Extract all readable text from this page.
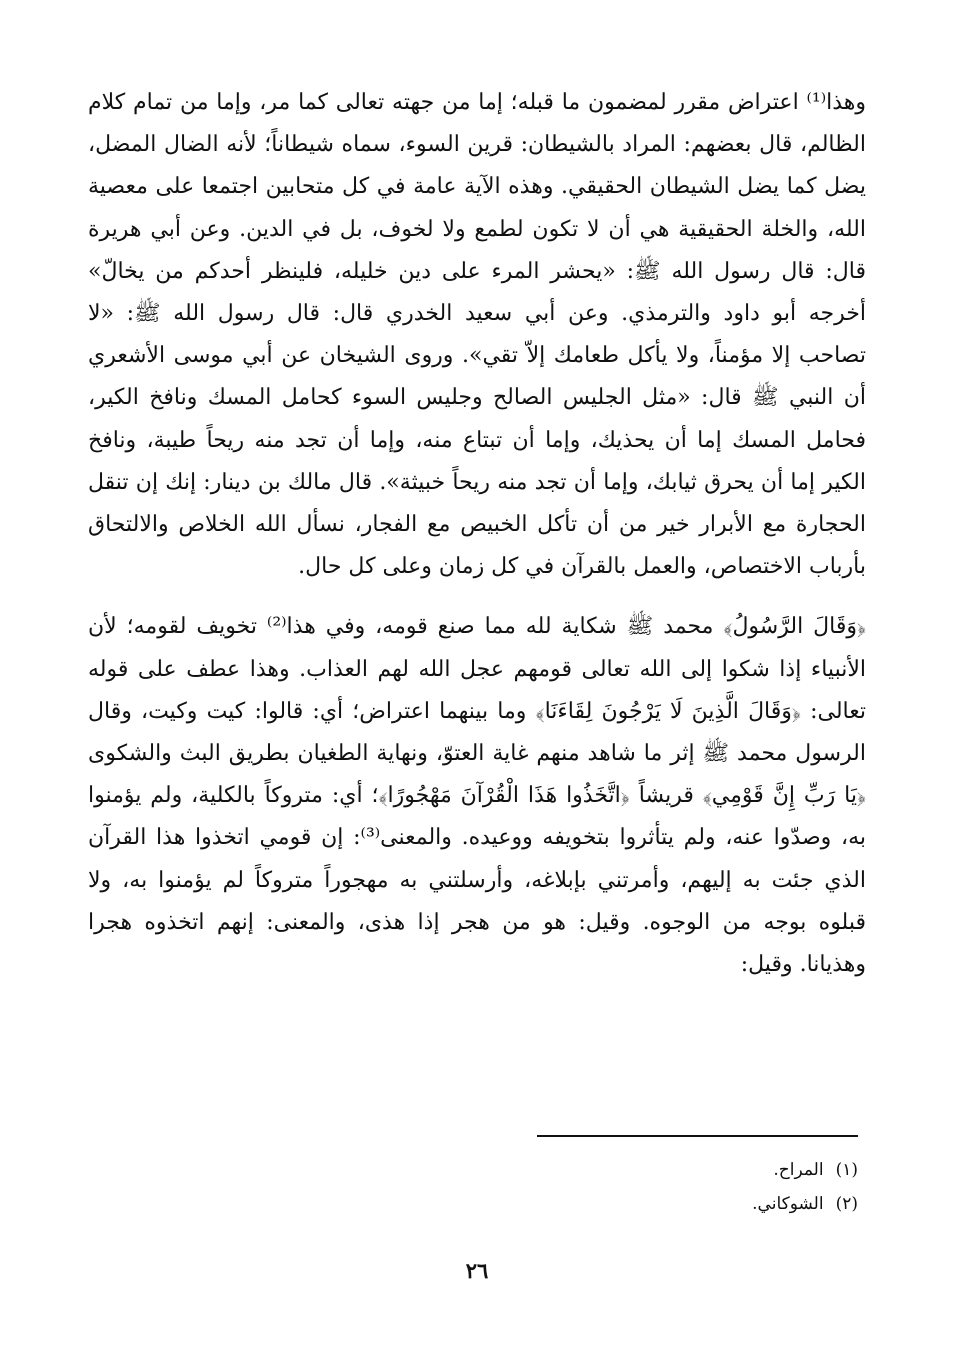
وهذا⁽¹⁾ اعتراض مقرر لمضمون ما قبله؛ إما من جهته تعالى كما مر، وإما من تمام كلام الظالم، قال بعضهم: المراد بالشيطان: قرين السوء، سماه شيطاناً؛ لأنه الضال المضل، يضل كما يضل الشيطان الحقيقي. وهذه الآية عامة في كل متحابين اجتمعا على معصية الله، والخلة الحقيقية هي أن لا تكون لطمع ولا لخوف، بل في الدين. وعن أبي هريرة قال: قال رسول الله ﷺ: «يحشر المرء على دين خليله، فلينظر أحدكم من يخالّ» أخرجه أبو داود والترمذي. وعن أبي سعيد الخدري قال: قال رسول الله ﷺ: «لا تصاحب إلا مؤمناً، ولا يأكل طعامك إلاّ تقي». وروى الشيخان عن أبي موسى الأشعري أن النبي ﷺ قال: «مثل الجليس الصالح وجليس السوء كحامل المسك ونافخ الكير، فحامل المسك إما أن يحذيك، وإما أن تبتاع منه، وإما أن تجد منه ريحاً طيبة، ونافخ الكير إما أن يحرق ثيابك، وإما أن تجد منه ريحاً خبيثة». قال مالك بن دينار: إنك إن تنقل الحجارة مع الأبرار خير من أن تأكل الخبيص مع الفجار، نسأل الله الخلاص والالتحاق بأرباب الاختصاص، والعمل بالقرآن في كل زمان وعلى كل حال.

﴿وَقَالَ الرَّسُولُ﴾ محمد ﷺ شكاية لله مما صنع قومه، وفي هذا⁽²⁾ تخويف لقومه؛ لأن الأنبياء إذا شكوا إلى الله تعالى قومهم عجل الله لهم العذاب. وهذا عطف على قوله تعالى: ﴿وَقَالَ الَّذِينَ لَا يَرْجُونَ لِقَاءَنَا﴾ وما بينهما اعتراض؛ أي: قالوا: كيت وكيت، وقال الرسول محمد ﷺ إثر ما شاهد منهم غاية العتوّ، ونهاية الطغيان بطريق البث والشكوى ﴿يَا رَبِّ إِنَّ قَوْمِي﴾ قريشاً ﴿اتَّخَذُوا هَذَا الْقُرْآنَ مَهْجُورًا﴾؛ أي: متروكاً بالكلية، ولم يؤمنوا به، وصدّوا عنه، ولم يتأثروا بتخويفه ووعيده. والمعنى⁽³⁾: إن قومي اتخذوا هذا القرآن الذي جئت به إليهم، وأمرتني بإبلاغه، وأرسلتني به مهجوراً متروكاً لم يؤمنوا به، ولا قبلوه بوجه من الوجوه. وقيل: هو من هجر إذا هذى، والمعنى: إنهم اتخذوه هجرا وهذيانا. وقيل:

(١)المراح.

(٢)الشوكاني.

٢٦
